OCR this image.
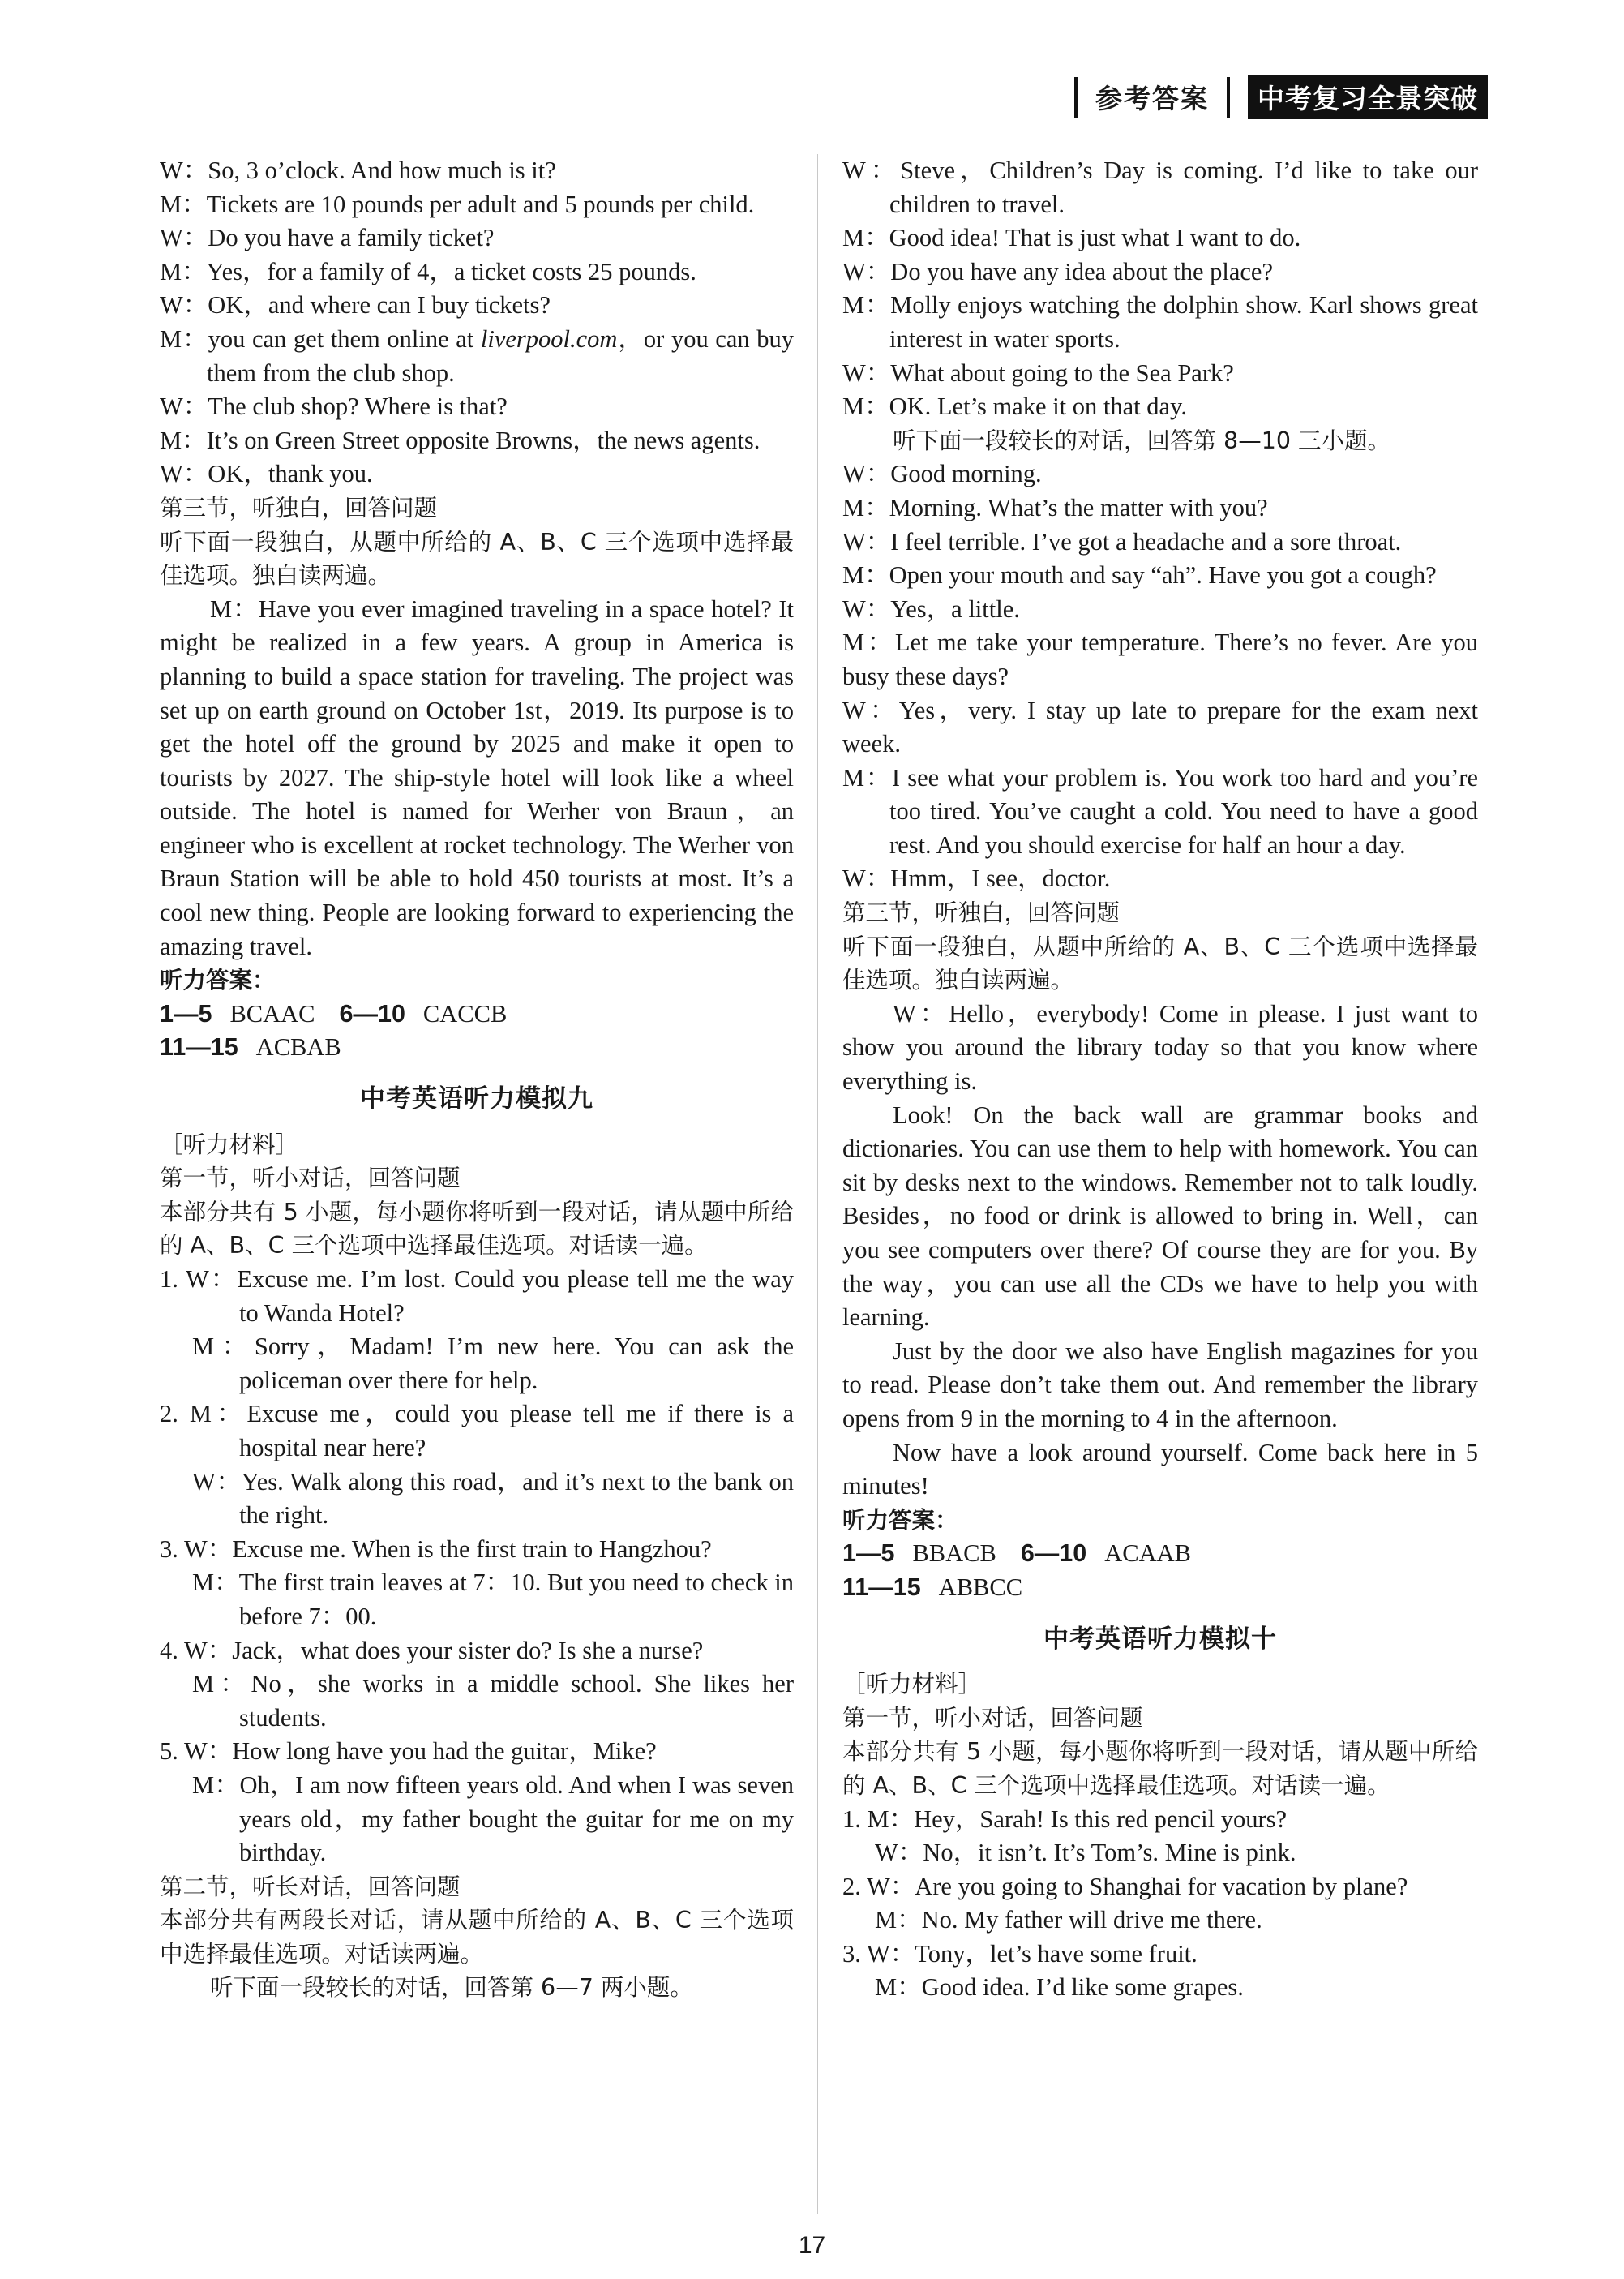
参考答案	中考复习全景突破

W：So, 3 o’clock. And how much is it?

M：Tickets are 10 pounds per adult and 5 pounds per child.

W：Do you have a family ticket?

M：Yes，for a family of 4，a ticket costs 25 pounds.

W：OK，and where can I buy tickets?

M：you can get them online at liverpool.com，or you can buy them from the club shop.

W：The club shop? Where is that?

M：It’s on Green Street opposite Browns，the news agents.

W：OK，thank you.

第三节，听独白，回答问题

听下面一段独白，从题中所给的 A、B、C 三个选项中选择最佳选项。独白读两遍。

M：Have you ever imagined traveling in a space hotel? It might be realized in a few years. A group in America is planning to build a space station for traveling. The project was set up on earth ground on October 1st，2019. Its purpose is to get the hotel off the ground by 2025 and make it open to tourists by 2027. The ship-style hotel will look like a wheel outside. The hotel is named for Werher von Braun，an engineer who is excellent at rocket technology. The Werher von Braun Station will be able to hold 450 tourists at most. It’s a cool new thing. People are looking forward to experiencing the amazing travel.

听力答案：

1—5 BCAAC 6—10 CACCB

11—15 ACBAB

中考英语听力模拟九

［听力材料］

第一节，听小对话，回答问题

本部分共有 5 小题，每小题你将听到一段对话，请从题中所给的 A、B、C 三个选项中选择最佳选项。对话读一遍。

1. W：Excuse me. I’m lost. Could you please tell me the way to Wanda Hotel?

M：Sorry，Madam! I’m new here. You can ask the policeman over there for help.

2. M：Excuse me，could you please tell me if there is a hospital near here?

W：Yes. Walk along this road，and it’s next to the bank on the right.

3. W：Excuse me. When is the first train to Hangzhou?

M：The first train leaves at 7：10. But you need to check in before 7：00.

4. W：Jack，what does your sister do? Is she a nurse?

M：No，she works in a middle school. She likes her students.

5. W：How long have you had the guitar，Mike?

M：Oh，I am now fifteen years old. And when I was seven years old，my father bought the guitar for me on my birthday.

第二节，听长对话，回答问题

本部分共有两段长对话，请从题中所给的 A、B、C 三个选项中选择最佳选项。对话读两遍。

听下面一段较长的对话，回答第 6—7 两小题。

W：Steve，Children’s Day is coming. I’d like to take our children to travel.

M：Good idea! That is just what I want to do.

W：Do you have any idea about the place?

M：Molly enjoys watching the dolphin show. Karl shows great interest in water sports.

W：What about going to the Sea Park?

M：OK. Let’s make it on that day.

听下面一段较长的对话，回答第 8—10 三小题。

W：Good morning.

M：Morning. What’s the matter with you?

W：I feel terrible. I’ve got a headache and a sore throat.

M：Open your mouth and say “ah”. Have you got a cough?

W：Yes，a little.

M：Let me take your temperature. There’s no fever. Are you busy these days?

W：Yes，very. I stay up late to prepare for the exam next week.

M：I see what your problem is. You work too hard and you’re too tired. You’ve caught a cold. You need to have a good rest. And you should exercise for half an hour a day.

W：Hmm，I see，doctor.

第三节，听独白，回答问题

听下面一段独白，从题中所给的 A、B、C 三个选项中选择最佳选项。独白读两遍。

W：Hello，everybody! Come in please. I just want to show you around the library today so that you know where everything is.

Look! On the back wall are grammar books and dictionaries. You can use them to help with homework. You can sit by desks next to the windows. Remember not to talk loudly. Besides，no food or drink is allowed to bring in. Well，can you see computers over there? Of course they are for you. By the way，you can use all the CDs we have to help you with learning.

Just by the door we also have English magazines for you to read. Please don’t take them out. And remember the library opens from 9 in the morning to 4 in the afternoon.

Now have a look around yourself. Come back here in 5 minutes!

听力答案：

1—5 BBACB 6—10 ACAAB

11—15 ABBCC

中考英语听力模拟十

［听力材料］

第一节，听小对话，回答问题

本部分共有 5 小题，每小题你将听到一段对话，请从题中所给的 A、B、C 三个选项中选择最佳选项。对话读一遍。

1. M：Hey，Sarah! Is this red pencil yours?

W：No，it isn’t. It’s Tom’s. Mine is pink.

2. W：Are you going to Shanghai for vacation by plane?

M：No. My father will drive me there.

3. W：Tony，let’s have some fruit.

M：Good idea. I’d like some grapes.

17
